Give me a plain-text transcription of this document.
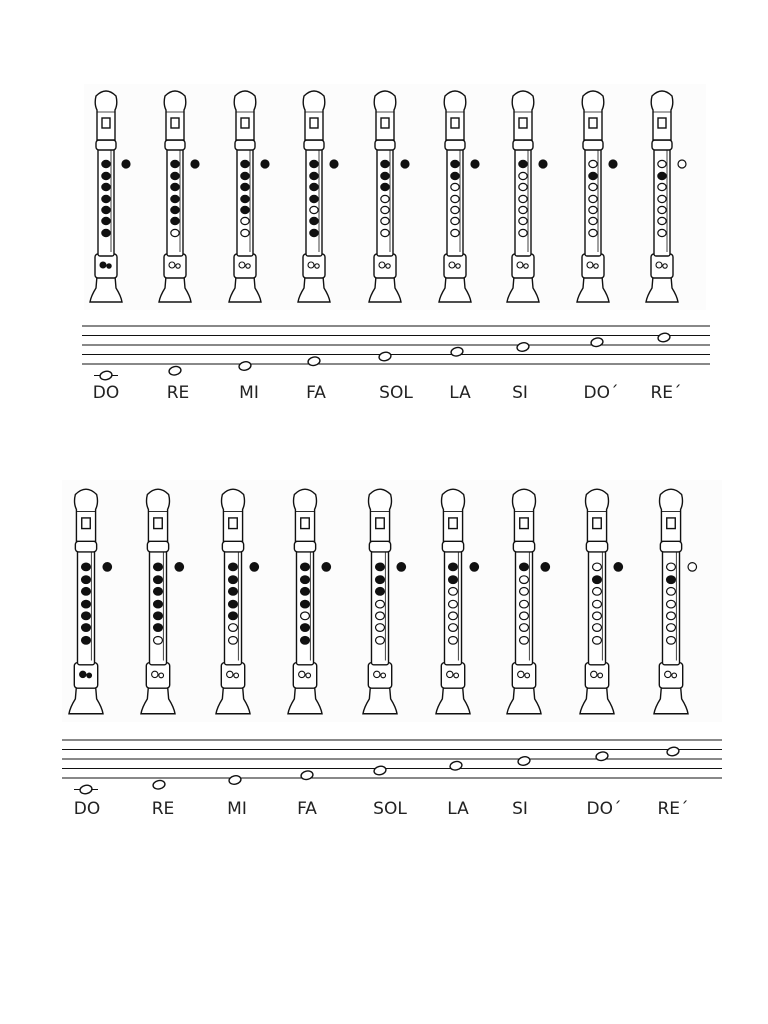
DO	RE	MI	FA	SOL LA SI	DO´ RE´
DO	RE	MI	FA	SOL LA	SI	DO´ RE´
